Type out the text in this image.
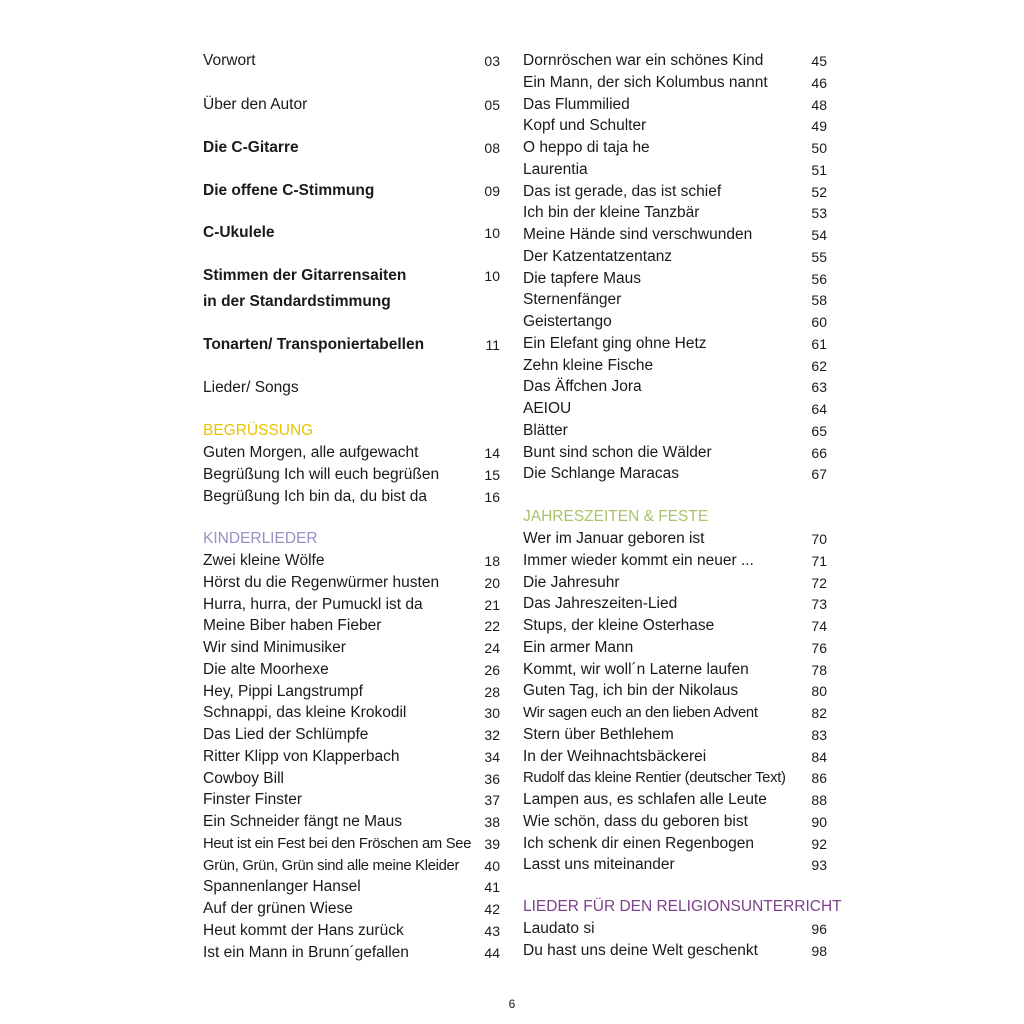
Vorwort	03
Über den Autor	05
Die C-Gitarre	08
Die offene C-Stimmung	09
C-Ukulele	10
Stimmen der Gitarrensaiten	10
in der Standardstimmung
Tonarten/ Transponiertabellen	11
Lieder/ Songs
BEGRÜSSUNG
KINDERLIEDER
Guten Morgen, alle aufgewacht	14
Begrüßung Ich will euch begrüßen	15
Begrüßung Ich bin da, du bist da	16
Zwei kleine Wölfe	18
Hörst du die Regenwürmer husten	20
Hurra, hurra, der Pumuckl ist da	21
Meine Biber haben Fieber	22
Wir sind Minimusiker	24
Die alte Moorhexe	26
Hey, Pippi Langstrumpf	28
Schnappi, das kleine Krokodil	30
Das Lied der Schlümpfe	32
Ritter Klipp von Klapperbach	34
Cowboy Bill	36
Finster Finster	37
Ein Schneider fängt ne Maus	38
Heut ist ein Fest bei den Fröschen am See 39
Grün, Grün, Grün sind alle meine Kleider 40
Spannenlanger Hansel	41
Auf der grünen Wiese	42
Heut kommt der Hans zurück	43
Ist ein Mann in Brunn´gefallen	44
JAHRESZEITEN & FESTE
LIEDER FÜR DEN RELIGIONSUNTERRICHT
Dornröschen war ein schönes Kind	45
Ein Mann, der sich Kolumbus nannt	46
Das Flummilied	48
Kopf und Schulter	49
O heppo di taja he	50
Laurentia	51
Das ist gerade, das ist schief	52
Ich bin der kleine Tanzbär	53
Meine Hände sind verschwunden	54
Der Katzentatzentanz	55
Die tapfere Maus	56
Sternenfänger	58
Geistertango	60
Ein Elefant ging ohne Hetz	61
Zehn kleine Fische	62
Das Äffchen Jora	63
AEIOU	64
Blätter	65
Bunt sind schon die Wälder	66
Die Schlange Maracas	67
Wer im Januar geboren ist	70
Immer wieder kommt ein neuer ...	71
Die Jahresuhr	72
Das Jahreszeiten-Lied	73
Stups, der kleine Osterhase	74
Ein armer Mann	76
Kommt, wir woll´n Laterne laufen	78
Guten Tag, ich bin der Nikolaus	80
Wir sagen euch an den lieben Advent	82
Stern über Bethlehem	83
In der Weihnachtsbäckerei	84
Rudolf das kleine Rentier (deutscher Text) 86
Lampen aus, es schlafen alle Leute	88
Wie schön, dass du geboren bist	90
Ich schenk dir einen Regenbogen	92
Lasst uns miteinander	93
Laudato si	96
Du hast uns deine Welt geschenkt	98
6
